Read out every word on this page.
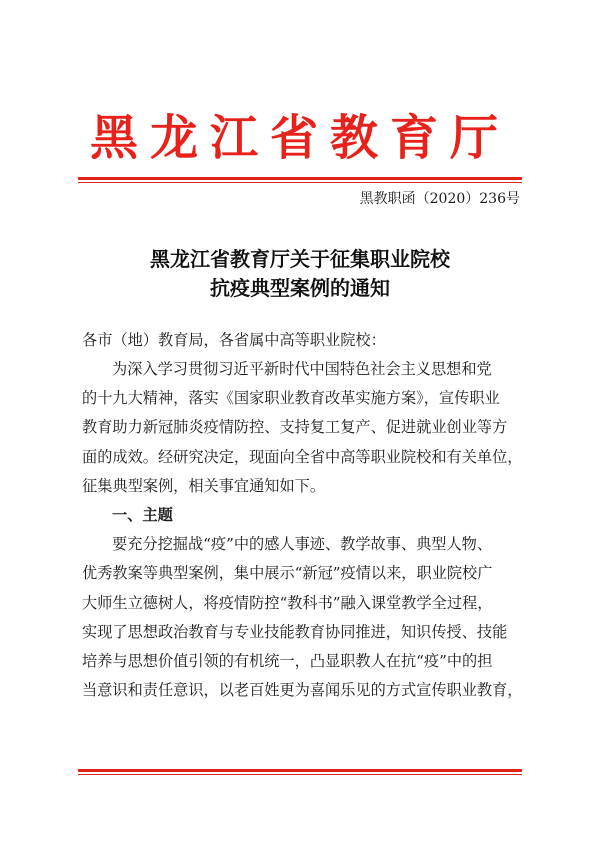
黑龙江省教育厅
黑教职函（2020）236号
黑龙江省教育厅关于征集职业院校
抗疫典型案例的通知
各市（地）教育局，各省属中高等职业院校：
为深入学习贯彻习近平新时代中国特色社会主义思想和党
的十九大精神，落实《国家职业教育改革实施方案》，宣传职业
教育助力新冠肺炎疫情防控、支持复工复产、促进就业创业等方
面的成效。经研究决定，现面向全省中高等职业院校和有关单位，
征集典型案例，相关事宜通知如下。
一、主题
要充分挖掘战“疫”中的感人事迹、教学故事、典型人物、
优秀教案等典型案例，集中展示“新冠”疫情以来，职业院校广
大师生立德树人，将疫情防控“教科书”融入课堂教学全过程，
实现了思想政治教育与专业技能教育协同推进，知识传授、技能
培养与思想价值引领的有机统一，凸显职教人在抗“疫”中的担
当意识和责任意识，以老百姓更为喜闻乐见的方式宣传职业教育，
